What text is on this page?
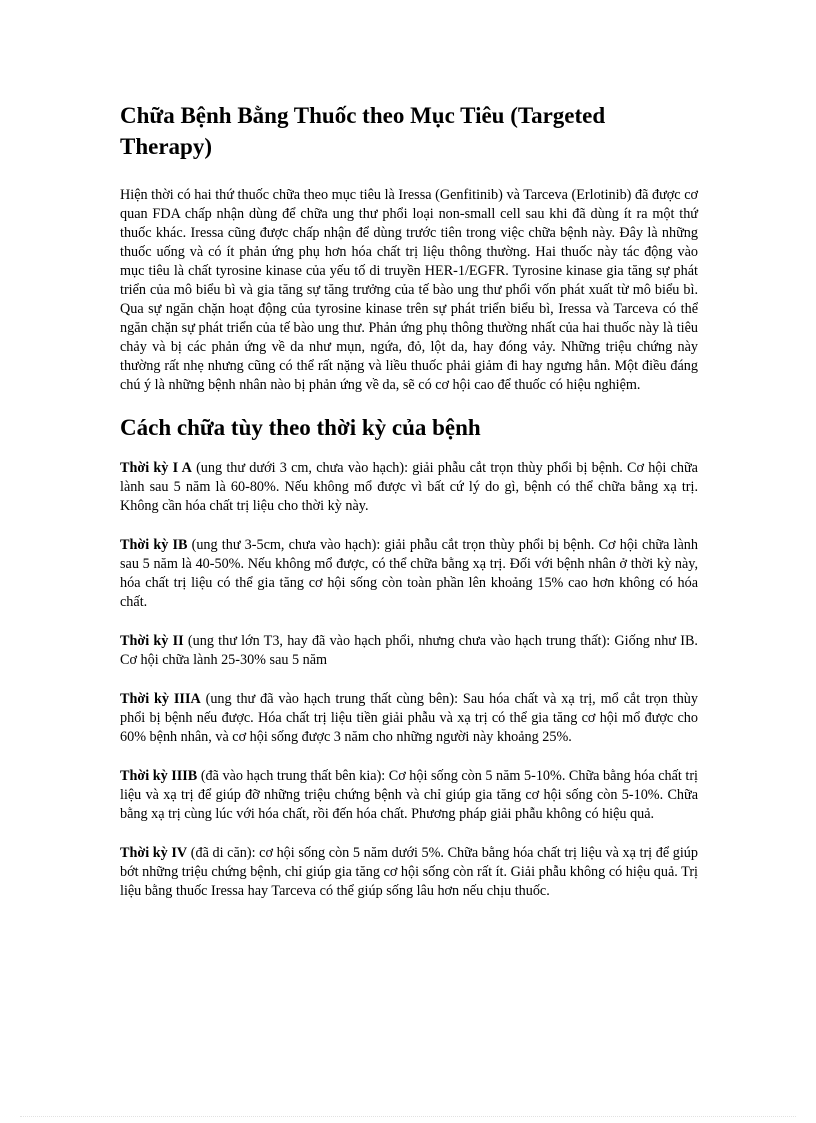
Chữa Bệnh Bằng Thuốc theo Mục Tiêu (Targeted Therapy)

Hiện thời có hai thứ thuốc chữa theo mục tiêu là Iressa (Genfitinib) và Tarceva (Erlotinib) đã được cơ quan FDA chấp nhận dùng để chữa ung thư phổi loại non-small cell sau khi đã dùng ít ra một thứ thuốc khác. Iressa cũng được chấp nhận để dùng trước tiên trong việc chữa bệnh này. Đây là những thuốc uống và có ít phản ứng phụ hơn hóa chất trị liệu thông thường. Hai thuốc này tác động vào mục tiêu là chất tyrosine kinase của yếu tố di truyền HER-1/EGFR. Tyrosine kinase gia tăng sự phát triển của mô biểu bì và gia tăng sự tăng trưởng của tế bào ung thư phổi vốn phát xuất từ mô biểu bì. Qua sự ngăn chặn hoạt động của tyrosine kinase trên sự phát triển biểu bì, Iressa và Tarceva có thể ngăn chặn sự phát triển của tế bào ung thư. Phản ứng phụ thông thường nhất của hai thuốc này là tiêu chảy và bị các phản ứng về da như mụn, ngứa, đỏ, lột da, hay đóng vảy. Những triệu chứng này thường rất nhẹ nhưng cũng có thể rất nặng và liều thuốc phải giảm đi hay ngưng hẳn. Một điều đáng chú ý là những bệnh nhân nào bị phản ứng về da, sẽ có cơ hội cao để thuốc có hiệu nghiệm.

Cách chữa tùy theo thời kỳ của bệnh

Thời kỳ I A (ung thư dưới 3 cm, chưa vào hạch): giải phẫu cắt trọn thùy phổi bị bệnh. Cơ hội chữa lành sau 5 năm là 60-80%. Nếu không mổ được vì bất cứ lý do gì, bệnh có thể chữa bằng xạ trị. Không cần hóa chất trị liệu cho thời kỳ này.

Thời kỳ IB (ung thư 3-5cm, chưa vào hạch): giải phẫu cắt trọn thùy phổi bị bệnh. Cơ hội chữa lành sau 5 năm là 40-50%. Nếu không mổ được, có thể chữa bằng xạ trị. Đối với bệnh nhân ở thời kỳ này, hóa chất trị liệu có thể gia tăng cơ hội sống còn toàn phần lên khoảng 15% cao hơn không có hóa chất.

Thời kỳ II (ung thư lớn T3, hay đã vào hạch phổi, nhưng chưa vào hạch trung thất): Giống như IB. Cơ hội chữa lành 25-30% sau 5 năm

Thời kỳ IIIA (ung thư đã vào hạch trung thất cùng bên): Sau hóa chất và xạ trị, mổ cắt trọn thùy phổi bị bệnh nếu được. Hóa chất trị liệu tiền giải phẫu và xạ trị có thể gia tăng cơ hội mổ được cho 60% bệnh nhân, và cơ hội sống được 3 năm cho những người này khoảng 25%.

Thời kỳ IIIB (đã vào hạch trung thất bên kia): Cơ hội sống còn 5 năm 5-10%. Chữa bằng hóa chất trị liệu và xạ trị để giúp đỡ những triệu chứng bệnh và chỉ giúp gia tăng cơ hội sống còn 5-10%. Chữa bằng xạ trị cùng lúc với hóa chất, rồi đến hóa chất. Phương pháp giải phẫu không có hiệu quả.

Thời kỳ IV (đã di căn): cơ hội sống còn 5 năm dưới 5%. Chữa bằng hóa chất trị liệu và xạ trị để giúp bớt những triệu chứng bệnh, chỉ giúp gia tăng cơ hội sống còn rất ít. Giải phẫu không có hiệu quả. Trị liệu bằng thuốc Iressa hay Tarceva có thể giúp sống lâu hơn nếu chịu thuốc.
